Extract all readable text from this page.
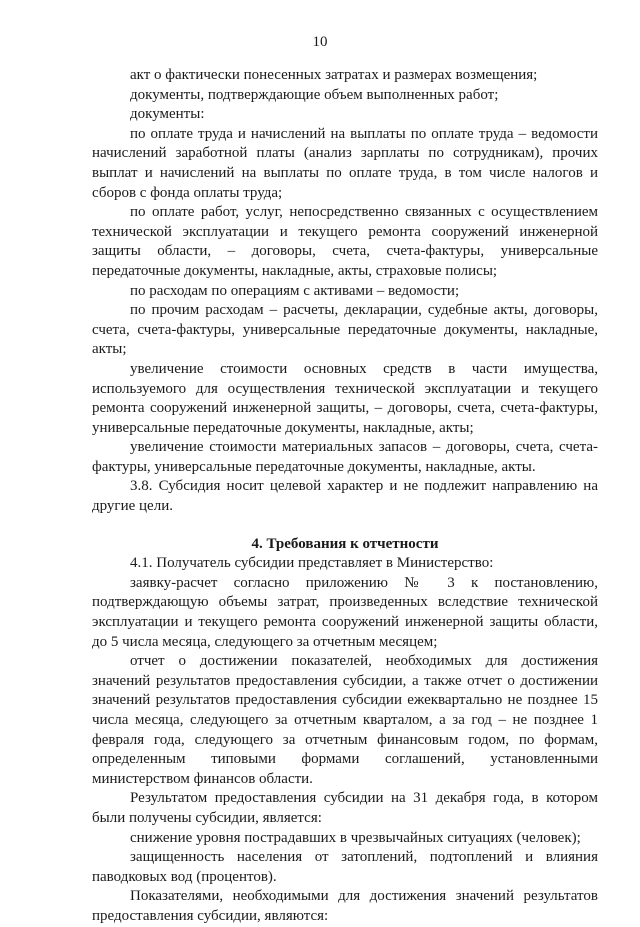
10

акт о фактически понесенных затратах и размерах возмещения;

документы, подтверждающие объем выполненных работ;

документы:

по оплате труда и начислений на выплаты по оплате труда – ведомости начислений заработной платы (анализ зарплаты по сотрудникам), прочих выплат и начислений на выплаты по оплате труда, в том числе налогов и сборов с фонда оплаты труда;

по оплате работ, услуг, непосредственно связанных с осуществлением технической эксплуатации и текущего ремонта сооружений инженерной защиты области, – договоры, счета, счета-фактуры, универсальные передаточные документы, накладные, акты, страховые полисы;

по расходам по операциям с активами – ведомости;

по прочим расходам – расчеты, декларации, судебные акты, договоры, счета, счета-фактуры, универсальные передаточные документы, накладные, акты;

увеличение стоимости основных средств в части имущества, используемого для осуществления технической эксплуатации и текущего ремонта сооружений инженерной защиты, – договоры, счета, счета-фактуры, универсальные передаточные документы, накладные, акты;

увеличение стоимости материальных запасов – договоры, счета, счета-фактуры, универсальные передаточные документы, накладные, акты.

3.8. Субсидия носит целевой характер и не подлежит направлению на другие цели.

4. Требования к отчетности

4.1. Получатель субсидии представляет в Министерство:

заявку-расчет согласно приложению № 3 к постановлению, подтверждающую объемы затрат, произведенных вследствие технической эксплуатации и текущего ремонта сооружений инженерной защиты области, до 5 числа месяца, следующего за отчетным месяцем;

отчет о достижении показателей, необходимых для достижения значений результатов предоставления субсидии, а также отчет о достижении значений результатов предоставления субсидии ежеквартально не позднее 15 числа месяца, следующего за отчетным кварталом, а за год – не позднее 1 февраля года, следующего за отчетным финансовым годом, по формам, определенным типовыми формами соглашений, установленными министерством финансов области.

Результатом предоставления субсидии на 31 декабря года, в котором были получены субсидии, является:

снижение уровня пострадавших в чрезвычайных ситуациях (человек);

защищенность населения от затоплений, подтоплений и влияния паводковых вод (процентов).

Показателями, необходимыми для достижения значений результатов предоставления субсидии, являются:
